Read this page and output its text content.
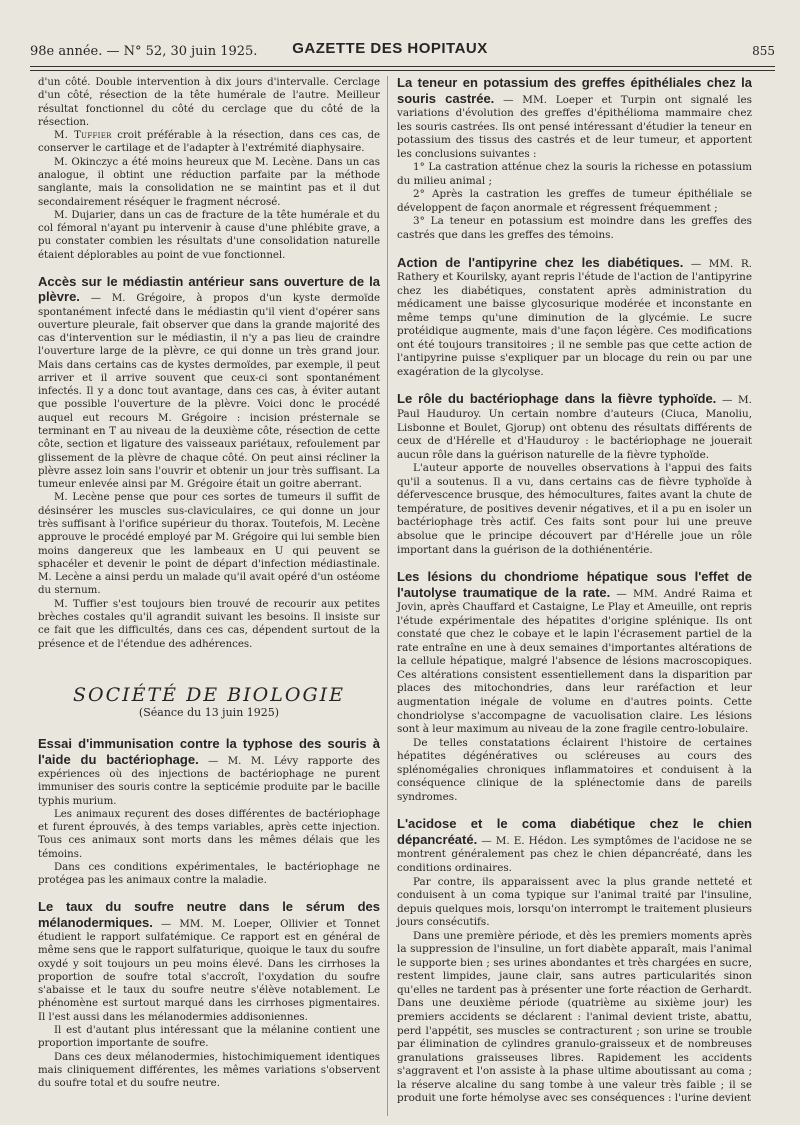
98e année. — N° 52, 30 juin 1925. GAZETTE DES HOPITAUX	855

d'un côté. Double intervention à dix jours d'intervalle. Cerclage d'un côté, résection de la tête humérale de l'autre. Meilleur résultat fonctionnel du côté du cerclage que du côté de la résection.

M. Tuffier croit préférable à la résection, dans ces cas, de conserver le cartilage et de l'adapter à l'extrémité diaphysaire.

M. Okinczyc a été moins heureux que M. Lecène. Dans un cas analogue, il obtint une réduction parfaite par la méthode sanglante, mais la consolidation ne se maintint pas et il dut secondairement réséquer le fragment nécrosé.

M. Dujarier, dans un cas de fracture de la tête humérale et du col fémoral n'ayant pu intervenir à cause d'une phlébite grave, a pu constater combien les résultats d'une consolidation naturelle étaient déplorables au point de vue fonctionnel.

Accès sur le médiastin antérieur sans ouverture de la plèvre. — M. Grégoire, à propos d'un kyste dermoïde spontanément infecté dans le médiastin qu'il vient d'opérer sans ouverture pleurale, fait observer que dans la grande majorité des cas d'intervention sur le médiastin, il n'y a pas lieu de craindre l'ouverture large de la plèvre, ce qui donne un très grand jour. Mais dans certains cas de kystes dermoïdes, par exemple, il peut arriver et il arrive souvent que ceux-ci sont spontanément infectés. Il y a donc tout avantage, dans ces cas, à éviter autant que possible l'ouverture de la plèvre. Voici donc le procédé auquel eut recours M. Grégoire : incision présternale se terminant en T au niveau de la deuxième côte, résection de cette côte, section et ligature des vaisseaux pariétaux, refoulement par glissement de la plèvre de chaque côté. On peut ainsi récliner la plèvre assez loin sans l'ouvrir et obtenir un jour très suffisant. La tumeur enlevée ainsi par M. Grégoire était un goitre aberrant.

M. Lecène pense que pour ces sortes de tumeurs il suffit de désinsérer les muscles sus-claviculaires, ce qui donne un jour très suffisant à l'orifice supérieur du thorax. Toutefois, M. Lecène approuve le procédé employé par M. Grégoire qui lui semble bien moins dangereux que les lambeaux en U qui peuvent se sphacéler et devenir le point de départ d'infection médiastinale. M. Lecène a ainsi perdu un malade qu'il avait opéré d'un ostéome du sternum.

M. Tuffier s'est toujours bien trouvé de recourir aux petites brèches costales qu'il agrandit suivant les besoins. Il insiste sur ce fait que les difficultés, dans ces cas, dépendent surtout de la présence et de l'étendue des adhérences.

SOCIÉTÉ DE BIOLOGIE
(Séance du 13 juin 1925)

Essai d'immunisation contre la typhose des souris à l'aide du bactériophage. — M. M. Lévy rapporte des expériences où des injections de bactériophage ne purent immuniser des souris contre la septicémie produite par le bacille typhis murium.

Les animaux reçurent des doses différentes de bactériophage et furent éprouvés, à des temps variables, après cette injection. Tous ces animaux sont morts dans les mêmes délais que les témoins.

Dans ces conditions expérimentales, le bactériophage ne protégea pas les animaux contre la maladie.

Le taux du soufre neutre dans le sérum des mélanodermiques. — MM. M. Loeper, Ollivier et Tonnet étudient le rapport sulfatémique. Ce rapport est en général de même sens que le rapport sulfaturique, quoique le taux du soufre oxydé y soit toujours un peu moins élevé. Dans les cirrhoses la proportion de soufre total s'accroît, l'oxydation du soufre s'abaisse et le taux du soufre neutre s'élève notablement. Le phénomène est surtout marqué dans les cirrhoses pigmentaires. Il l'est aussi dans les mélanodermies addisoniennes.

Il est d'autant plus intéressant que la mélanine contient une proportion importante de soufre.

Dans ces deux mélanodermies, histochimiquement identiques mais cliniquement différentes, les mêmes variations s'observent du soufre total et du soufre neutre.

La teneur en potassium des greffes épithéliales chez la souris castrée. — MM. Loeper et Turpin ont signalé les variations d'évolution des greffes d'épithélioma mammaire chez les souris castrées. Ils ont pensé intéressant d'étudier la teneur en potassium des tissus des castrés et de leur tumeur, et apportent les conclusions suivantes :

1° La castration atténue chez la souris la richesse en potassium du milieu animal ;

2° Après la castration les greffes de tumeur épithéliale se développent de façon anormale et régressent fréquemment ;

3° La teneur en potassium est moindre dans les greffes des castrés que dans les greffes des témoins.

Action de l'antipyrine chez les diabétiques. — MM. R. Rathery et Kourilsky, ayant repris l'étude de l'action de l'antipyrine chez les diabétiques, constatent après administration du médicament une baisse glycosurique modérée et inconstante en même temps qu'une diminution de la glycémie. Le sucre protéidique augmente, mais d'une façon légère. Ces modifications ont été toujours transitoires ; il ne semble pas que cette action de l'antipyrine puisse s'expliquer par un blocage du rein ou par une exagération de la glycolyse.

Le rôle du bactériophage dans la fièvre typhoïde. — M. Paul Hauduroy. Un certain nombre d'auteurs (Ciuca, Manoliu, Lisbonne et Boulet, Gjorup) ont obtenu des résultats différents de ceux de d'Hérelle et d'Hauduroy : le bactériophage ne jouerait aucun rôle dans la guérison naturelle de la fièvre typhoïde.

L'auteur apporte de nouvelles observations à l'appui des faits qu'il a soutenus. Il a vu, dans certains cas de fièvre typhoïde à défervescence brusque, des hémocultures, faites avant la chute de température, de positives devenir négatives, et il a pu en isoler un bactériophage très actif. Ces faits sont pour lui une preuve absolue que le principe découvert par d'Hérelle joue un rôle important dans la guérison de la dothiénentérie.

Les lésions du chondriome hépatique sous l'effet de l'autolyse traumatique de la rate. — MM. André Raima et Jovin, après Chauffard et Castaigne, Le Play et Ameuille, ont repris l'étude expérimentale des hépatites d'origine splénique. Ils ont constaté que chez le cobaye et le lapin l'écrasement partiel de la rate entraîne en une à deux semaines d'importantes altérations de la cellule hépatique, malgré l'absence de lésions macroscopiques. Ces altérations consistent essentiellement dans la disparition par places des mitochondries, dans leur raréfaction et leur augmentation inégale de volume en d'autres points. Cette chondriolyse s'accompagne de vacuolisation claire. Les lésions sont à leur maximum au niveau de la zone fragile centro-lobulaire.

De telles constatations éclairent l'histoire de certaines hépatites dégénératives ou scléreuses au cours des splénomégalies chroniques inflammatoires et conduisent à la conséquence clinique de la splénectomie dans de pareils syndromes.

L'acidose et le coma diabétique chez le chien dépancréaté. — M. E. Hédon. Les symptômes de l'acidose ne se montrent généralement pas chez le chien dépancréaté, dans les conditions ordinaires.

Par contre, ils apparaissent avec la plus grande netteté et conduisent à un coma typique sur l'animal traité par l'insuline, depuis quelques mois, lorsqu'on interrompt le traitement plusieurs jours consécutifs.

Dans une première période, et dès les premiers moments après la suppression de l'insuline, un fort diabète apparaît, mais l'animal le supporte bien ; ses urines abondantes et très chargées en sucre, restent limpides, jaune clair, sans autres particularités sinon qu'elles ne tardent pas à présenter une forte réaction de Gerhardt. Dans une deuxième période (quatrième au sixième jour) les premiers accidents se déclarent : l'animal devient triste, abattu, perd l'appétit, ses muscles se contracturent ; son urine se trouble par élimination de cylindres granulo-graisseux et de nombreuses granulations graisseuses libres. Rapidement les accidents s'aggravent et l'on assiste à la phase ultime aboutissant au coma ; la réserve alcaline du sang tombe à une valeur très faible ; il se produit une forte hémolyse avec ses conséquences : l'urine devient
